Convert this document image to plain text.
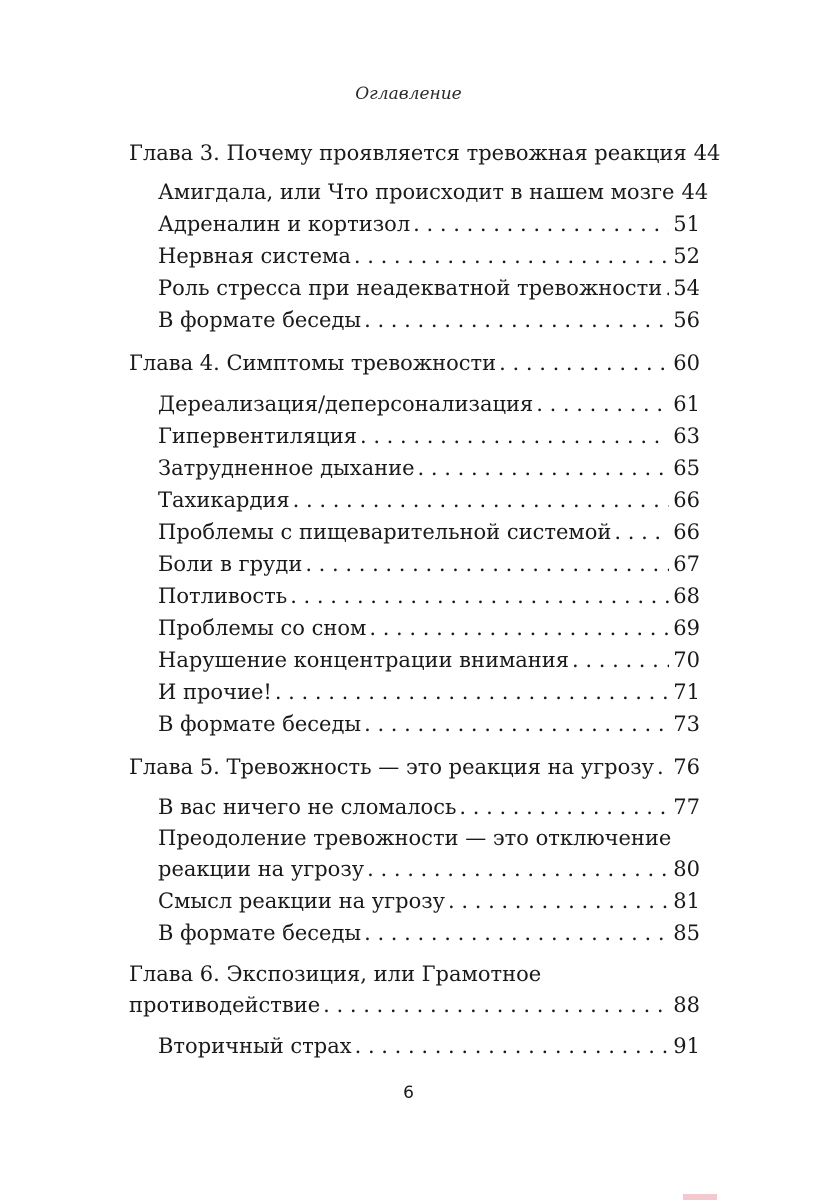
Оглавление
Глава 3. Почему проявляется тревожная реакция 44
Амигдала, или Что происходит в нашем мозге 44
Адреналин и кортизол . . .	51
Нервная система . . .	52
Роль стресса при неадекватной тревожности . . . 54
В формате беседы . . .	56
Глава 4. Симптомы тревожности . . .	60
Дереализация/деперсонализация . . .	61
Гипервентиляция . . .	63
Затрудненное дыхание . . .	65
Тахикардия . . .	66
Проблемы с пищеварительной системой . . .	66
Боли в груди . . .	67
Потливость . . .	68
Проблемы со сном . . .	69
Нарушение концентрации внимания . . .	70
И прочие! . . .	71
В формате беседы . . .	73
Глава 5. Тревожность — это реакция на угрозу . . . 76
В вас ничего не сломалось . . .	77
Преодоление тревожности — это отключение
реакции на угрозу . . .	80
Смысл реакции на угрозу . . .	81
В формате беседы . . .	85
Глава 6. Экспозиция, или Грамотное
противодействие . . .	88
Вторичный страх . . .	91
6
